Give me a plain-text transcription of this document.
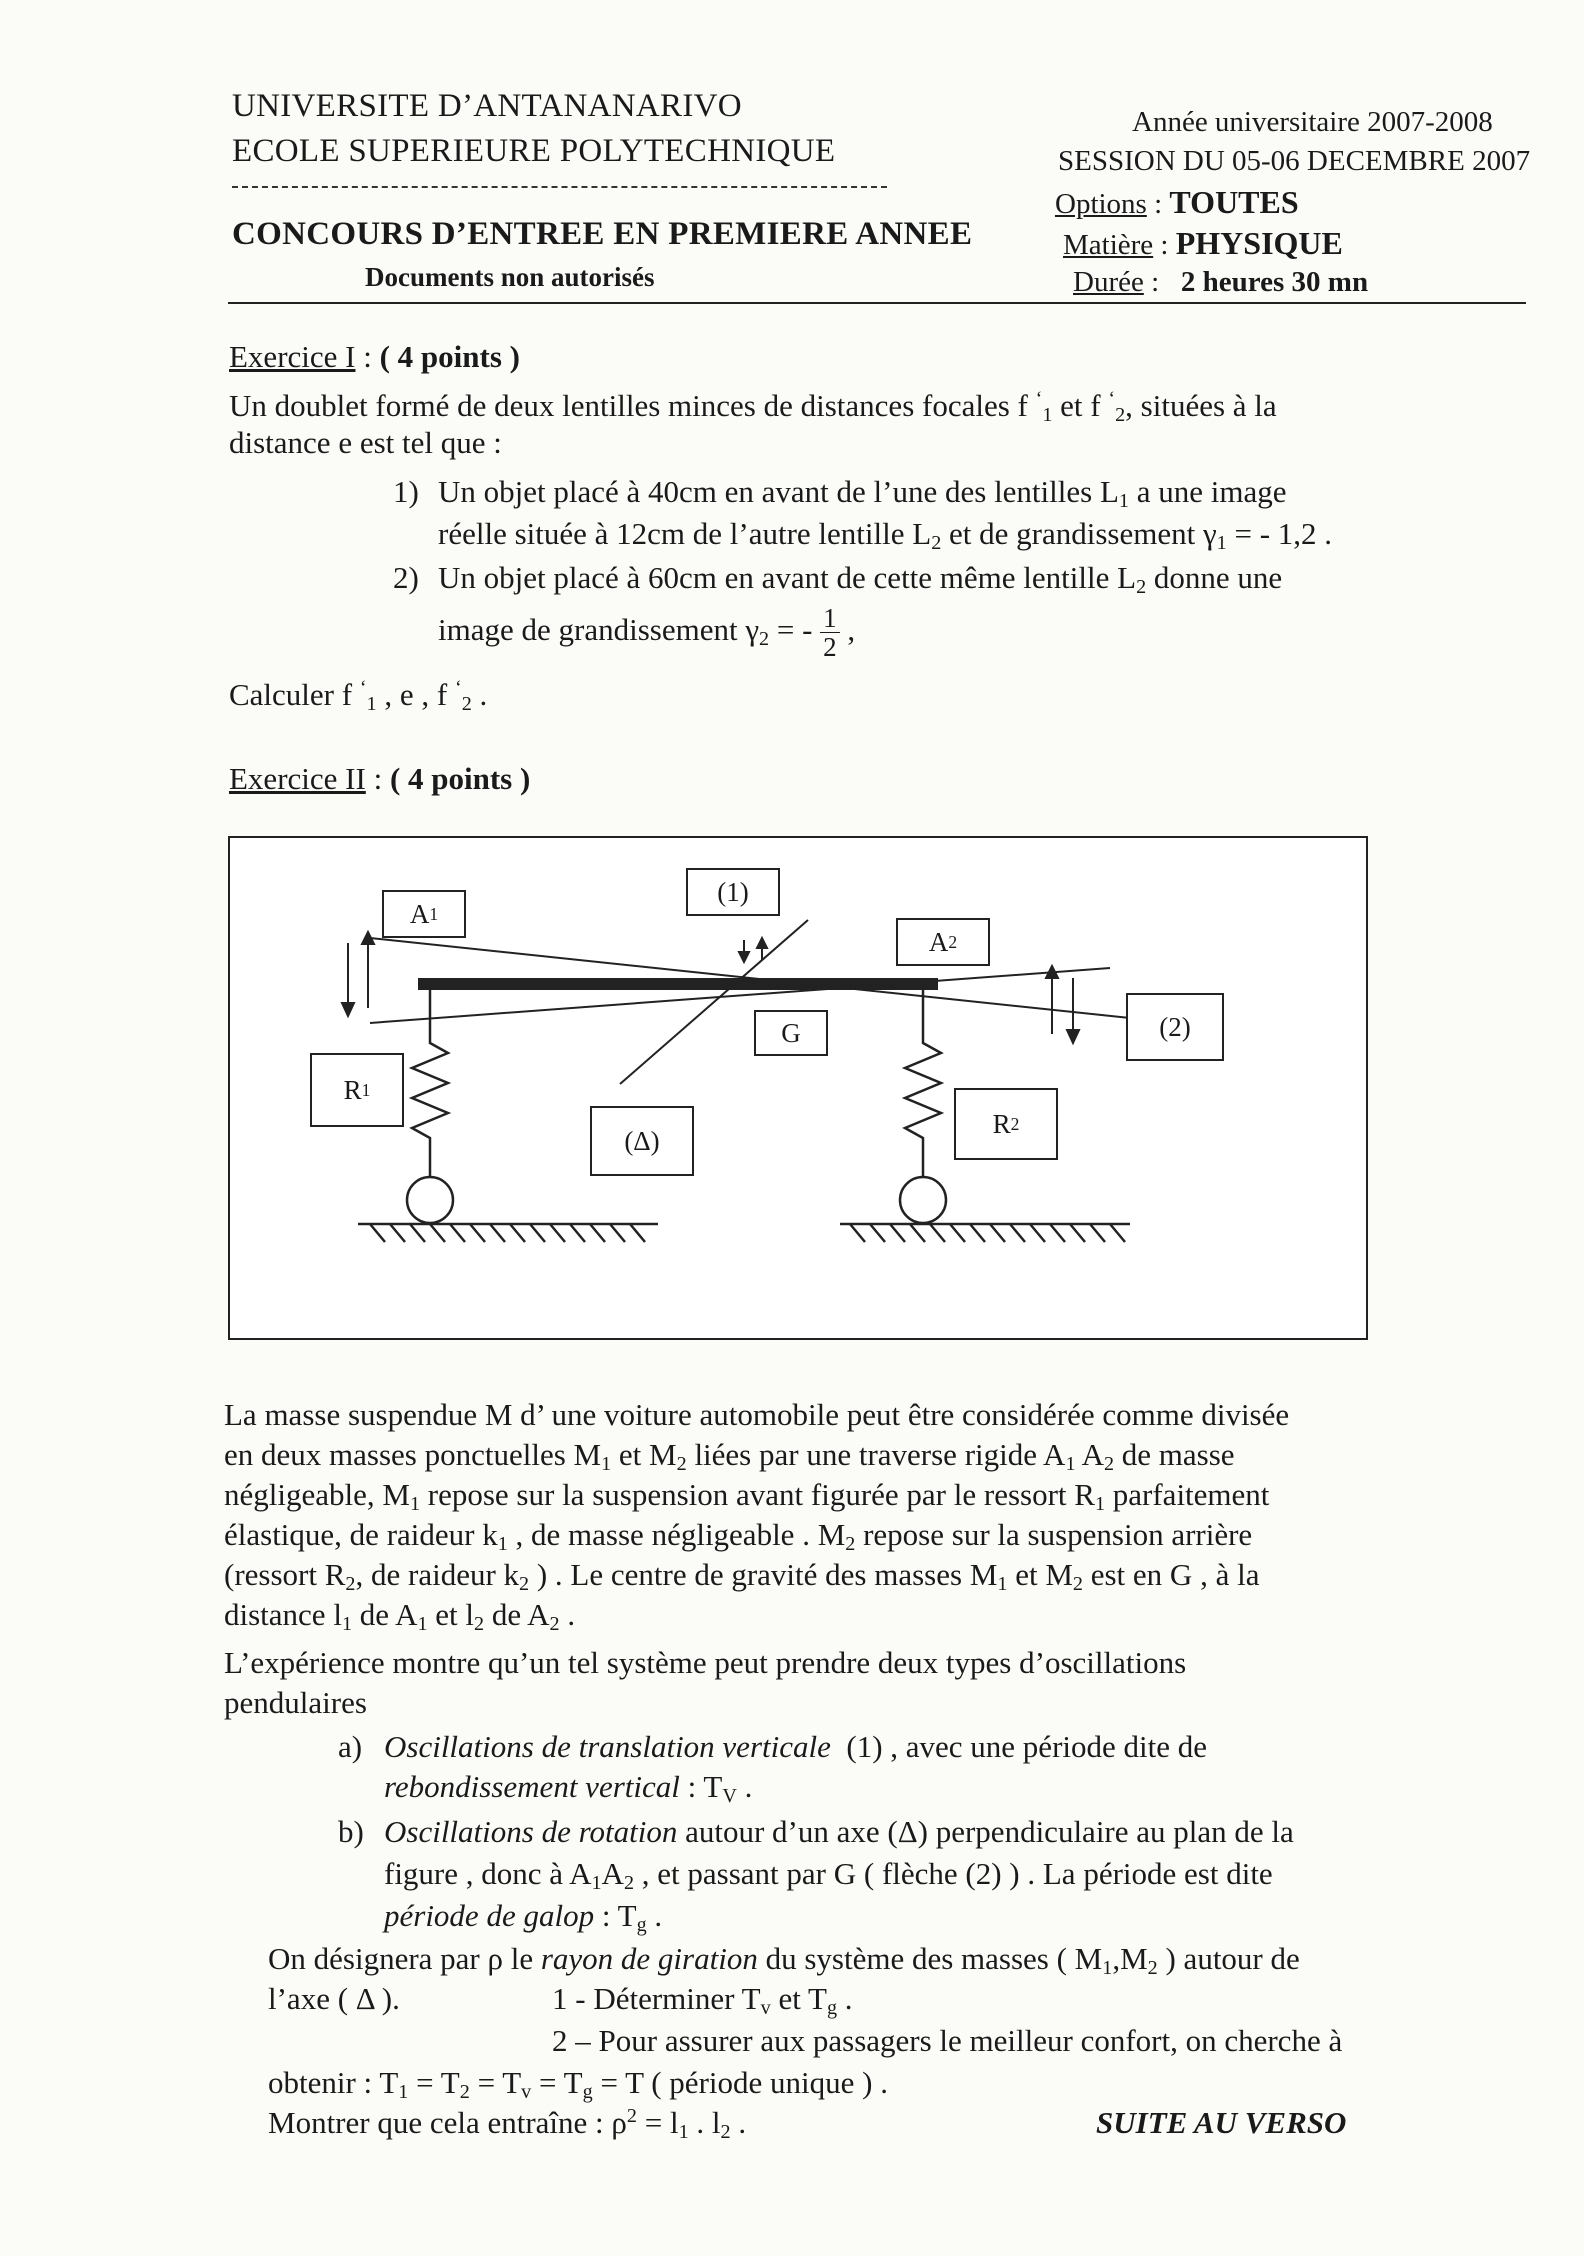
UNIVERSITE D’ANTANANARIVO
ECOLE SUPERIEURE POLYTECHNIQUE
CONCOURS D’ENTREE EN PREMIERE ANNEE
Documents non autorisés
Année universitaire 2007-2008
SESSION DU 05-06 DECEMBRE 2007
Options : TOUTES
Matière : PHYSIQUE
Durée :   2 heures 30 mn
Exercice I : ( 4 points )
Un doublet formé de deux lentilles minces de distances focales f ‘$_1$ et f ‘$_2$, situées à la
distance e est tel que :
1) Un objet placé à 40cm en avant de l’une des lentilles $L_1$ a une image
réelle située à 12cm de l’autre lentille $L_2$ et de grandissement $\gamma_1$ = - 1,2 .
2) Un objet placé à 60cm en avant de cette même lentille $L_2$ donne une
image de grandissement $\gamma_2$ = - $\frac{1}{2}$ ,
Calculer f ‘$_1$ , e , f ‘$_2$ .
Exercice II : ( 4 points )
A 1
(1)
A 2
(2)
G
R 1
R 2
(Δ)
La masse suspendue M d’ une voiture automobile peut être considérée comme divisée
en deux masses ponctuelles $M_1$ et $M_2$ liées par une traverse rigide $A_1$ $A_2$ de masse
négligeable, $M_1$ repose sur la suspension avant figurée par le ressort $R_1$ parfaitement
élastique, de raideur $k_1$ , de masse négligeable . $M_2$ repose sur la suspension arrière
(ressort $R_2$, de raideur $k_2$ ) . Le centre de gravité des masses $M_1$ et $M_2$ est en G , à la
distance $l_1$ de $A_1$ et $l_2$ de $A_2$ .
L’expérience montre qu’un tel système peut prendre deux types d’oscillations
pendulaires
a) Oscillations de translation verticale (1) , avec une période dite de
rebondissement vertical : $T_V$ .
b) Oscillations de rotation autour d’un axe (Δ) perpendiculaire au plan de la
figure , donc à $A_1A_2$ , et passant par G ( flèche (2) ) . La période est dite
période de galop : $T_g$ .
On désignera par ρ le rayon de giration du système des masses ( $M_1,M_2$ ) autour de
l’axe ( Δ ).	1 - Déterminer $T_v$ et $T_g$ .
2 – Pour assurer aux passagers le meilleur confort, on cherche à
obtenir : $T_1 = T_2 = T_v = T_g = T$ ( période unique ) .
Montrer que cela entraîne : $\rho^2 = l_1$ . $l_2$ .	SUITE AU VERSO
